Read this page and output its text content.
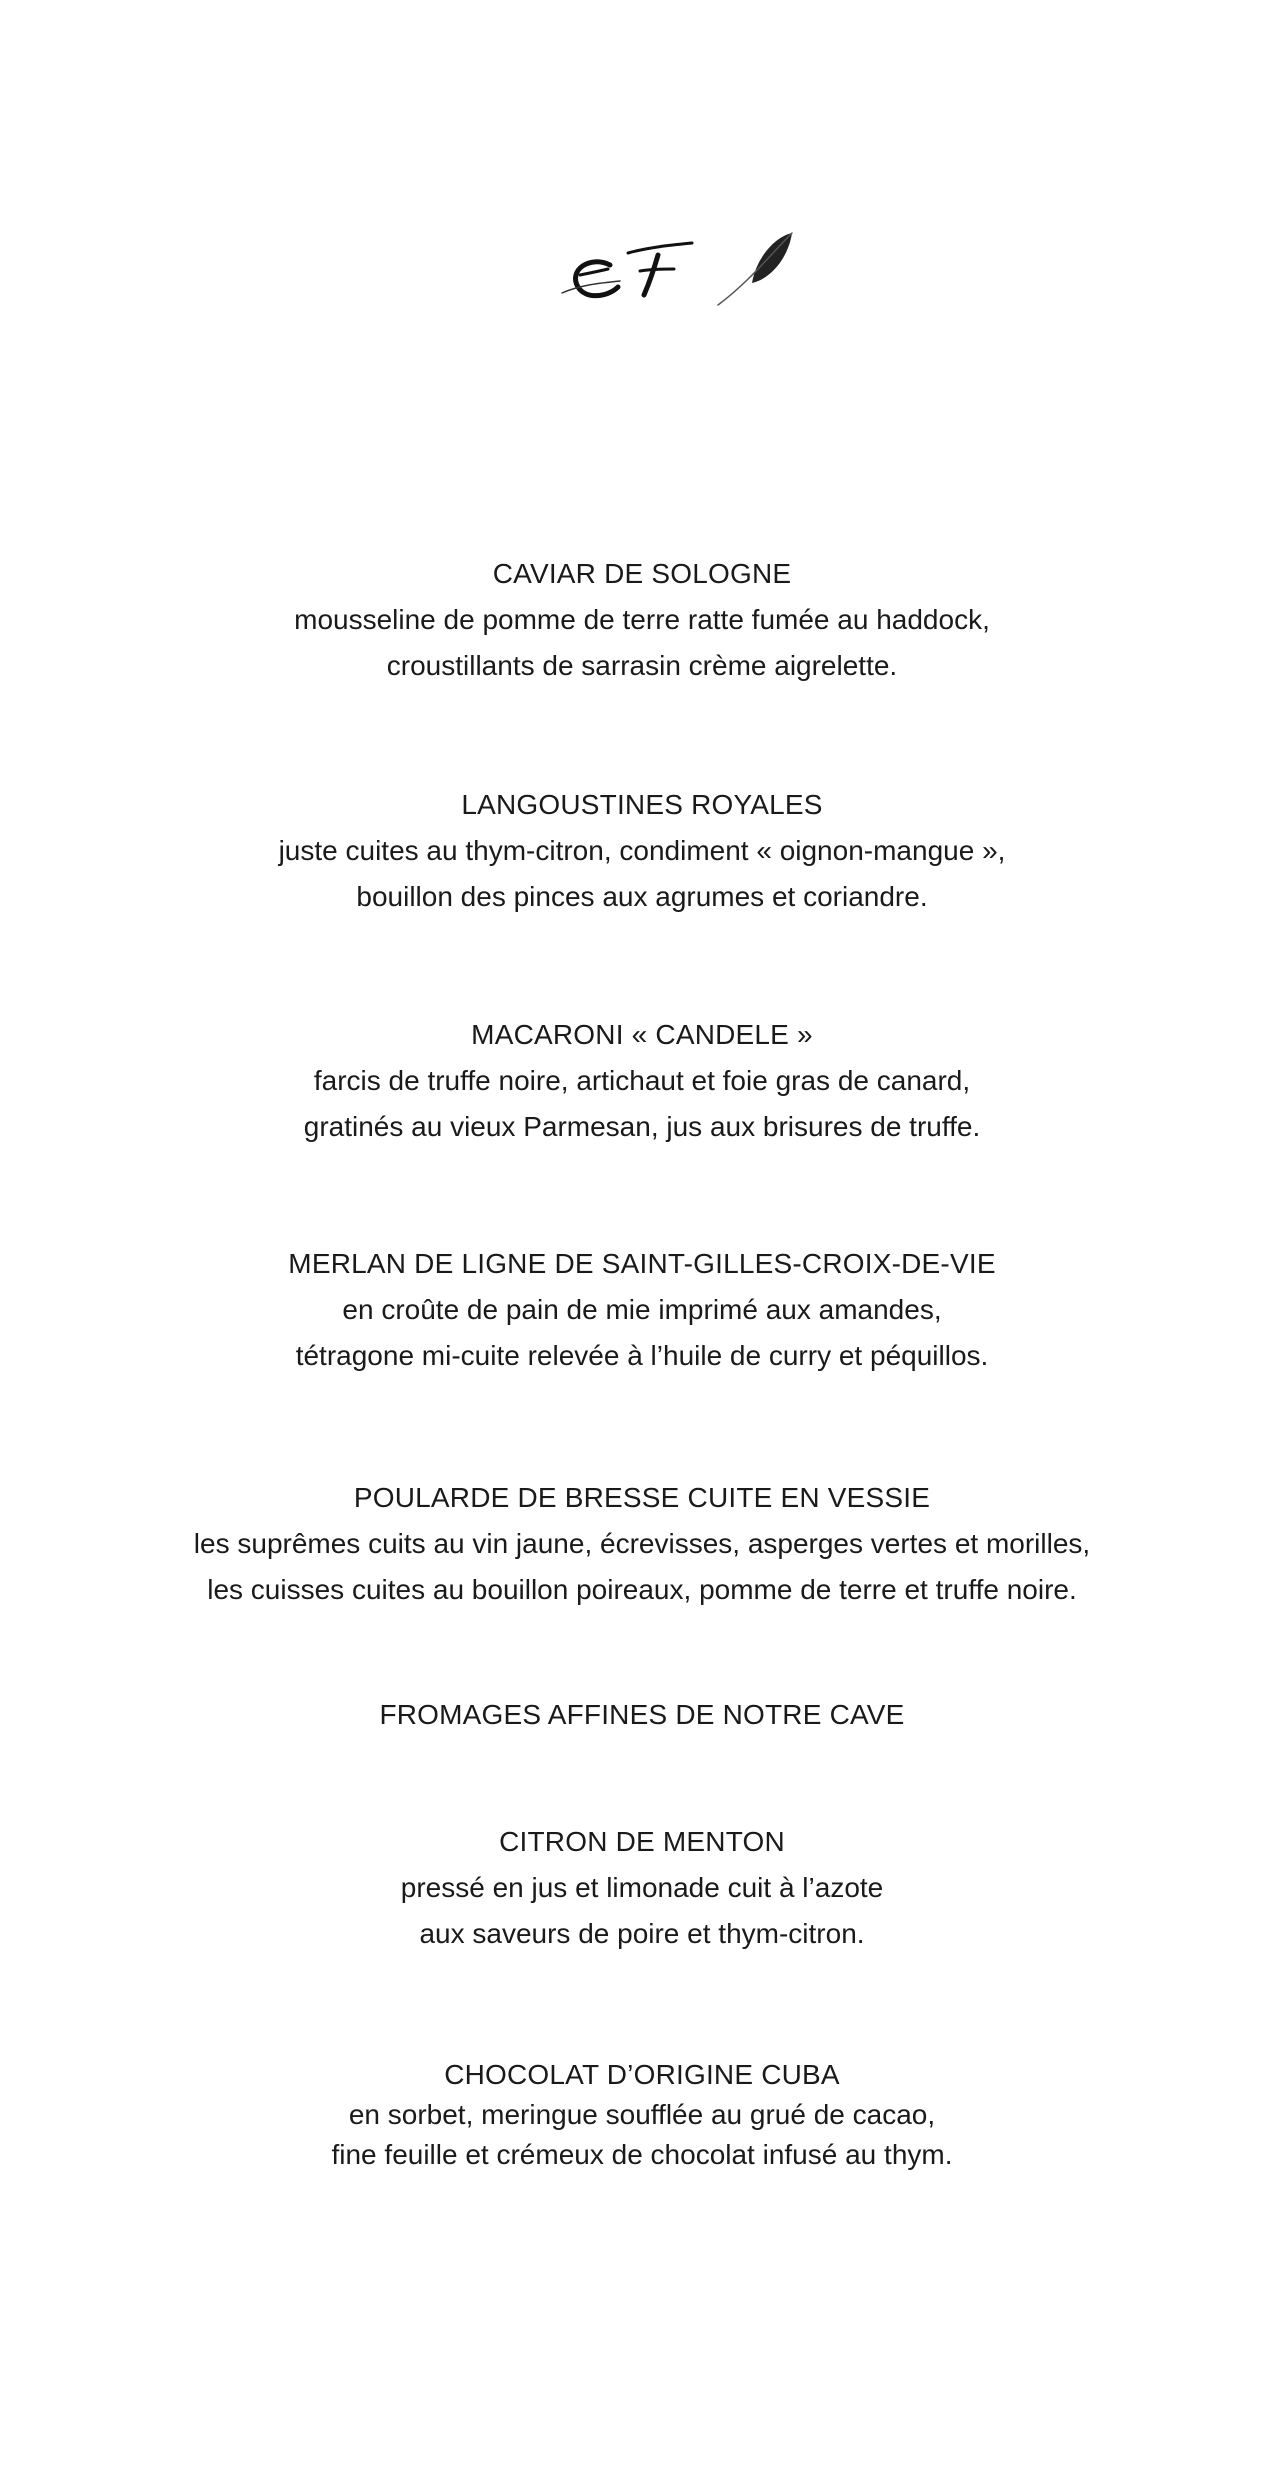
CAVIAR DE SOLOGNE
mousseline de pomme de terre ratte fumée au haddock,
croustillants de sarrasin crème aigrelette.
LANGOUSTINES ROYALES
juste cuites au thym-citron, condiment « oignon-mangue »,
bouillon des pinces aux agrumes et coriandre.
MACARONI « CANDELE »
farcis de truffe noire, artichaut et foie gras de canard,
gratinés au vieux Parmesan, jus aux brisures de truffe.
MERLAN DE LIGNE DE SAINT-GILLES-CROIX-DE-VIE
en croûte de pain de mie imprimé aux amandes,
tétragone mi-cuite relevée à l’huile de curry et péquillos.
POULARDE DE BRESSE CUITE EN VESSIE
les suprêmes cuits au vin jaune, écrevisses, asperges vertes et morilles,
les cuisses cuites au bouillon poireaux, pomme de terre et truffe noire.
FROMAGES AFFINES DE NOTRE CAVE
CITRON DE MENTON
pressé en jus et limonade cuit à l’azote
aux saveurs de poire et thym-citron.
CHOCOLAT D’ORIGINE CUBA
en sorbet, meringue soufflée au grué de cacao,
fine feuille et crémeux de chocolat infusé au thym.
